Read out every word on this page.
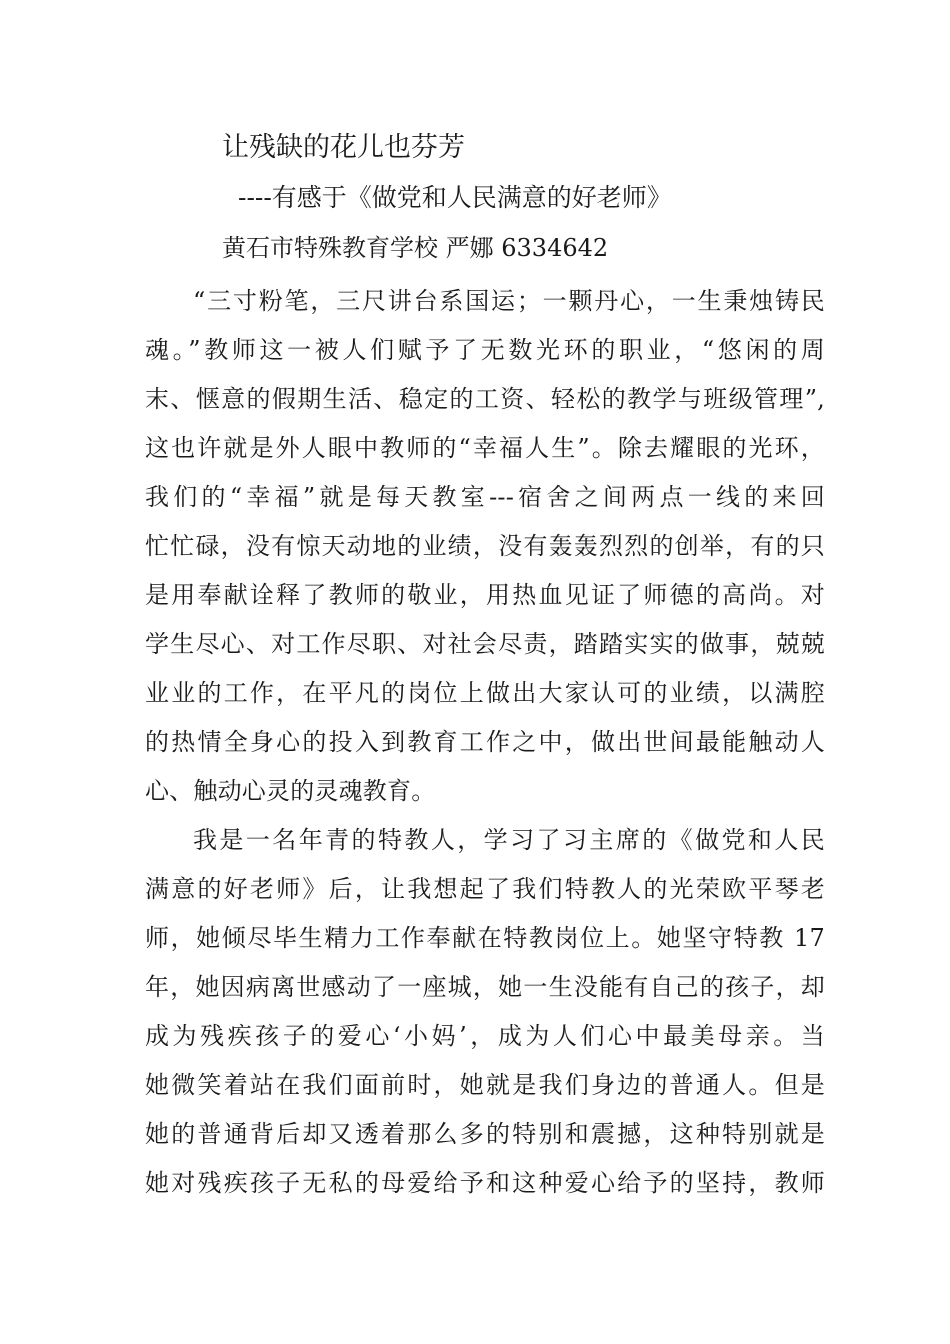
让残缺的花儿也芬芳
----有感于《做党和人民满意的好老师》
黄石市特殊教育学校 严娜 6334642
“三寸粉笔，三尺讲台系国运；一颗丹心，一生秉烛铸民
魂。”教师这一被人们赋予了无数光环的职业，“悠闲的周
末、惬意的假期生活、稳定的工资、轻松的教学与班级管理”,
这也许就是外人眼中教师的“幸福人生”。除去耀眼的光环，
我们的“幸福”就是每天教室---宿舍之间两点一线的来回
忙忙碌，没有惊天动地的业绩，没有轰轰烈烈的创举，有的只
是用奉献诠释了教师的敬业，用热血见证了师德的高尚。对
学生尽心、对工作尽职、对社会尽责，踏踏实实的做事，兢兢
业业的工作，在平凡的岗位上做出大家认可的业绩，以满腔
的热情全身心的投入到教育工作之中，做出世间最能触动人
心、触动心灵的灵魂教育。
我是一名年青的特教人，学习了习主席的《做党和人民
满意的好老师》后，让我想起了我们特教人的光荣欧平琴老
师，她倾尽毕生精力工作奉献在特教岗位上。她坚守特教 17
年，她因病离世感动了一座城，她一生没能有自己的孩子，却
成为残疾孩子的爱心‘小妈’，成为人们心中最美母亲。当
她微笑着站在我们面前时，她就是我们身边的普通人。但是
她的普通背后却又透着那么多的特别和震撼，这种特别就是
她对残疾孩子无私的母爱给予和这种爱心给予的坚持，教师
